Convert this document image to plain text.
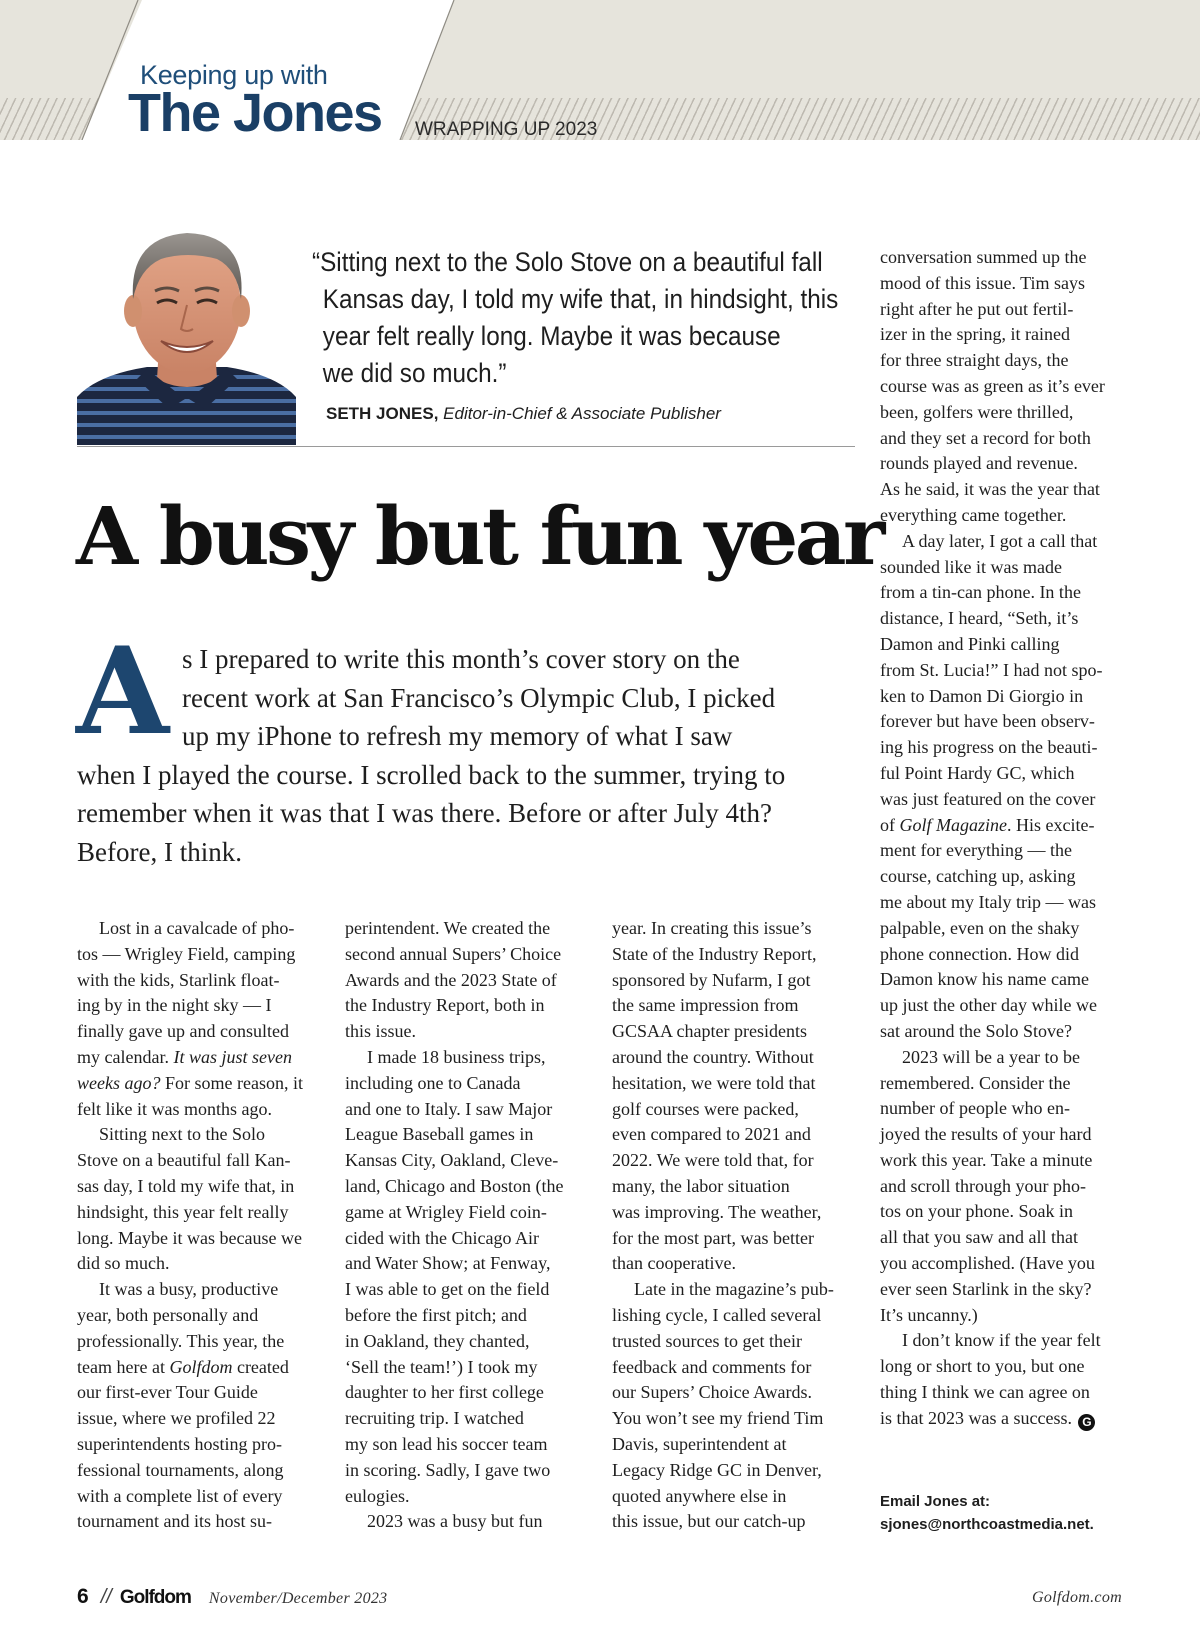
Keeping up with
The Jones WRAPPING UP 2023
“Sitting next to the Solo Stove on a beautiful fall
Kansas day, I told my wife that, in hindsight, this
year felt really long. Maybe it was because
we did so much.”
SETH JONES, Editor-in-Chief & Associate Publisher
A busy but fun year
A s I prepared to write this month’s cover story on the
recent work at San Francisco’s Olympic Club, I picked
up my iPhone to refresh my memory of what I saw
when I played the course. I scrolled back to the summer, trying to
remember when it was that I was there. Before or after July 4th?
Before, I think.
Lost in a cavalcade of pho-
tos — Wrigley Field, camping
with the kids, Starlink float-
ing by in the night sky — I
finally gave up and consulted
my calendar. It was just seven
weeks ago? For some reason, it
felt like it was months ago.
Sitting next to the Solo
Stove on a beautiful fall Kan-
sas day, I told my wife that, in
hindsight, this year felt really
long. Maybe it was because we
did so much.
It was a busy, productive
year, both personally and
professionally. This year, the
team here at Golfdom created
our first-ever Tour Guide
issue, where we profiled 22
superintendents hosting pro-
fessional tournaments, along
with a complete list of every
tournament and its host su-
perintendent. We created the
second annual Supers’ Choice
Awards and the 2023 State of
the Industry Report, both in
this issue.
I made 18 business trips,
including one to Canada
and one to Italy. I saw Major
League Baseball games in
Kansas City, Oakland, Cleve-
land, Chicago and Boston (the
game at Wrigley Field coin-
cided with the Chicago Air
and Water Show; at Fenway,
I was able to get on the field
before the first pitch; and
in Oakland, they chanted,
‘Sell the team!’) I took my
daughter to her first college
recruiting trip. I watched
my son lead his soccer team
in scoring. Sadly, I gave two
eulogies.
2023 was a busy but fun
year. In creating this issue’s
State of the Industry Report,
sponsored by Nufarm, I got
the same impression from
GCSAA chapter presidents
around the country. Without
hesitation, we were told that
golf courses were packed,
even compared to 2021 and
2022. We were told that, for
many, the labor situation
was improving. The weather,
for the most part, was better
than cooperative.
Late in the magazine’s pub-
lishing cycle, I called several
trusted sources to get their
feedback and comments for
our Supers’ Choice Awards.
You won’t see my friend Tim
Davis, superintendent at
Legacy Ridge GC in Denver,
quoted anywhere else in
this issue, but our catch-up
conversation summed up the
mood of this issue. Tim says
right after he put out fertil-
izer in the spring, it rained
for three straight days, the
course was as green as it’s ever
been, golfers were thrilled,
and they set a record for both
rounds played and revenue.
As he said, it was the year that
everything came together.
A day later, I got a call that
sounded like it was made
from a tin-can phone. In the
distance, I heard, “Seth, it’s
Damon and Pinki calling
from St. Lucia!” I had not spo-
ken to Damon Di Giorgio in
forever but have been observ-
ing his progress on the beauti-
ful Point Hardy GC, which
was just featured on the cover
of Golf Magazine. His excite-
ment for everything — the
course, catching up, asking
me about my Italy trip — was
palpable, even on the shaky
phone connection. How did
Damon know his name came
up just the other day while we
sat around the Solo Stove?
2023 will be a year to be
remembered. Consider the
number of people who en-
joyed the results of your hard
work this year. Take a minute
and scroll through your pho-
tos on your phone. Soak in
all that you saw and all that
you accomplished. (Have you
ever seen Starlink in the sky?
It’s uncanny.)
I don’t know if the year felt
long or short to you, but one
thing I think we can agree on
is that 2023 was a success. G
Email Jones at:
sjones@northcoastmedia.net.
6 // Golfdom November/December 2023	Golfdom.com
